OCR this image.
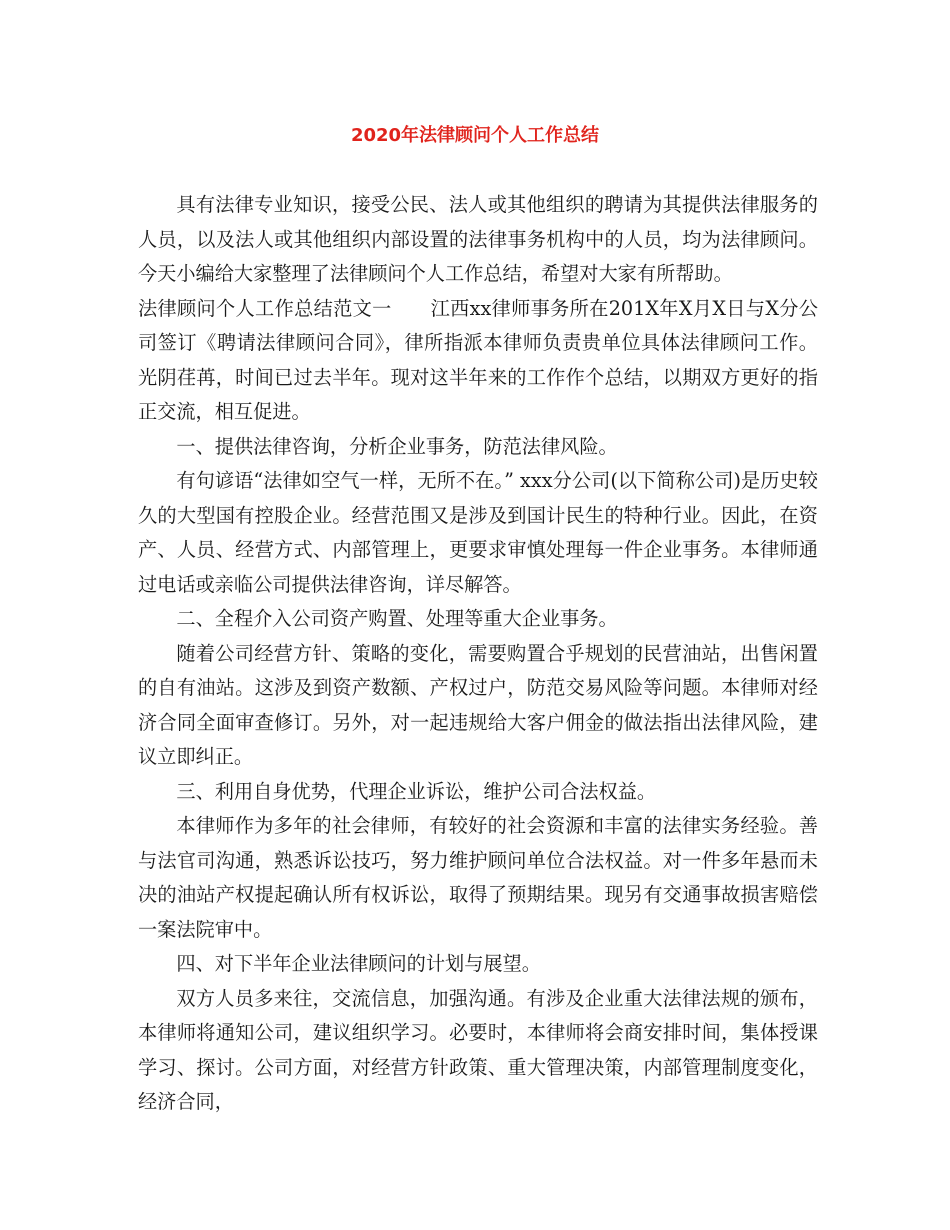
2020年法律顾问个人工作总结

具有法律专业知识，接受公民、法人或其他组织的聘请为其提供法律服务的人员，以及法人或其他组织内部设置的法律事务机构中的人员，均为法律顾问。今天小编给大家整理了法律顾问个人工作总结，希望对大家有所帮助。

法律顾问个人工作总结范文一　　江西xx律师事务所在201X年X月X日与X分公司签订《聘请法律顾问合同》，律所指派本律师负责贵单位具体法律顾问工作。光阴荏苒，时间已过去半年。现对这半年来的工作作个总结，以期双方更好的指正交流，相互促进。

一、提供法律咨询，分析企业事务，防范法律风险。

有句谚语“法律如空气一样，无所不在。” xxx分公司(以下简称公司)是历史较久的大型国有控股企业。经营范围又是涉及到国计民生的特种行业。因此，在资产、人员、经营方式、内部管理上，更要求审慎处理每一件企业事务。本律师通过电话或亲临公司提供法律咨询，详尽解答。

二、全程介入公司资产购置、处理等重大企业事务。

随着公司经营方针、策略的变化，需要购置合乎规划的民营油站，出售闲置的自有油站。这涉及到资产数额、产权过户，防范交易风险等问题。本律师对经济合同全面审查修订。另外，对一起违规给大客户佣金的做法指出法律风险，建议立即纠正。

三、利用自身优势，代理企业诉讼，维护公司合法权益。

本律师作为多年的社会律师，有较好的社会资源和丰富的法律实务经验。善与法官司沟通，熟悉诉讼技巧，努力维护顾问单位合法权益。对一件多年悬而未决的油站产权提起确认所有权诉讼，取得了预期结果。现另有交通事故损害赔偿一案法院审中。

四、对下半年企业法律顾问的计划与展望。

双方人员多来往，交流信息，加强沟通。有涉及企业重大法律法规的颁布，本律师将通知公司，建议组织学习。必要时，本律师将会商安排时间，集体授课学习、探讨。公司方面，对经营方针政策、重大管理决策，内部管理制度变化，经济合同，
